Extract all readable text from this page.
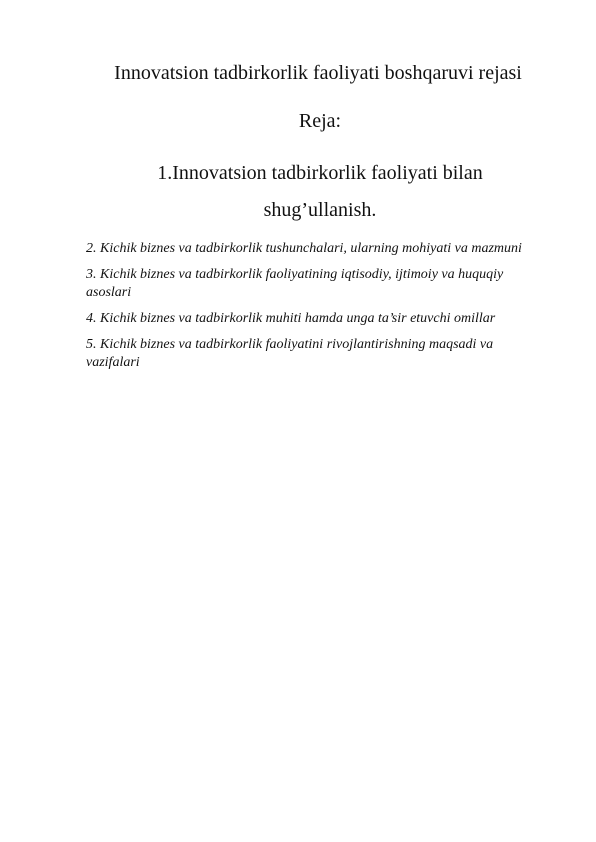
Innovatsion tadbirkorlik faoliyati boshqaruvi rejasi
Reja:

1.Innovatsion tadbirkorlik faoliyati bilan shug’ullanish.

2. Kichik biznes va tadbirkorlik tushunchalari, ularning mohiyati va mazmuni
3. Kichik biznes va tadbirkorlik faoliyatining iqtisodiy, ijtimoiy va huquqiy asoslari
4. Kichik biznes va tadbirkorlik muhiti hamda unga ta’sir etuvchi omillar
5. Kichik biznes va tadbirkorlik faoliyatini rivojlantirishning maqsadi va vazifalari
